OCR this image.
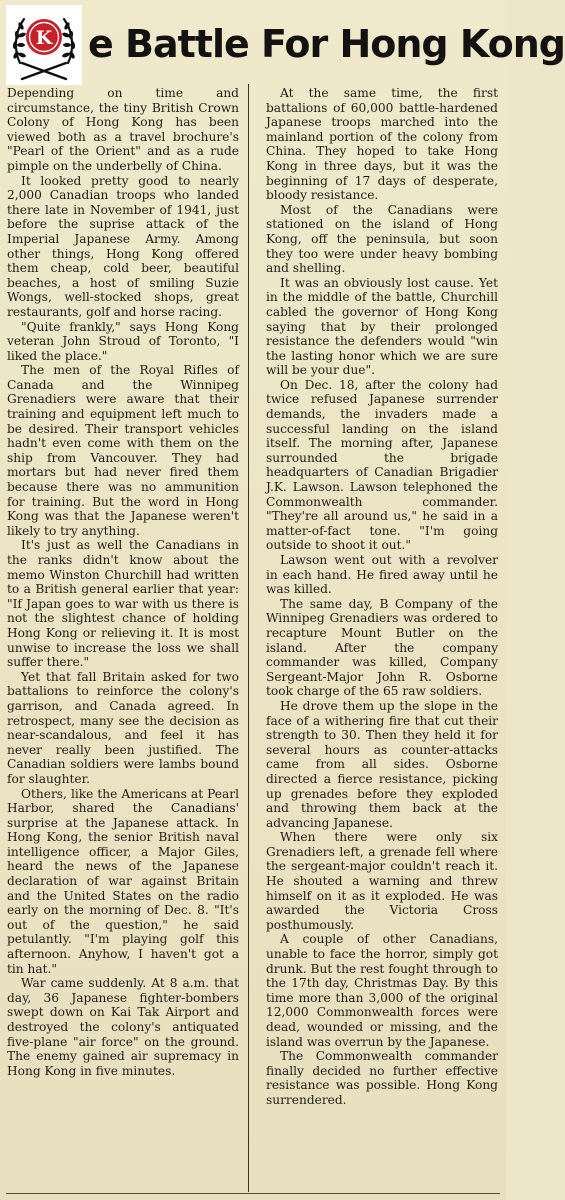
K e Battle For Hong Kong

Depending on time and circumstance, the tiny British Crown Colony of Hong Kong has been viewed both as a travel brochure's "Pearl of the Orient" and as a rude pimple on the underbelly of China.

It looked pretty good to nearly 2,000 Canadian troops who landed there late in November of 1941, just before the suprise attack of the Imperial Japanese Army. Among other things, Hong Kong offered them cheap, cold beer, beautiful beaches, a host of smiling Suzie Wongs, well-stocked shops, great restaurants, golf and horse racing.

"Quite frankly," says Hong Kong veteran John Stroud of Toronto, "I liked the place."

The men of the Royal Rifles of Canada and the Winnipeg Grenadiers were aware that their training and equipment left much to be desired. Their transport vehicles hadn't even come with them on the ship from Vancouver. They had mortars but had never fired them because there was no ammunition for training. But the word in Hong Kong was that the Japanese weren't likely to try anything.

It's just as well the Canadians in the ranks didn't know about the memo Winston Churchill had written to a British general earlier that year: "If Japan goes to war with us there is not the slightest chance of holding Hong Kong or relieving it. It is most unwise to increase the loss we shall suffer there."

Yet that fall Britain asked for two battalions to reinforce the colony's garrison, and Canada agreed. In retrospect, many see the decision as near-scandalous, and feel it has never really been justified. The Canadian soldiers were lambs bound for slaughter.

Others, like the Americans at Pearl Harbor, shared the Canadians' surprise at the Japanese attack. In Hong Kong, the senior British naval intelligence officer, a Major Giles, heard the news of the Japanese declaration of war against Britain and the United States on the radio early on the morning of Dec. 8. "It's out of the question," he said petulantly. "I'm playing golf this afternoon. Anyhow, I haven't got a tin hat."

War came suddenly. At 8 a.m. that day, 36 Japanese fighter-bombers swept down on Kai Tak Airport and destroyed the colony's antiquated five-plane "air force" on the ground. The enemy gained air supremacy in Hong Kong in five minutes.

At the same time, the first battalions of 60,000 battle-hardened Japanese troops marched into the mainland portion of the colony from China. They hoped to take Hong Kong in three days, but it was the beginning of 17 days of desperate, bloody resistance.

Most of the Canadians were stationed on the island of Hong Kong, off the peninsula, but soon they too were under heavy bombing and shelling.

It was an obviously lost cause. Yet in the middle of the battle, Churchill cabled the governor of Hong Kong saying that by their prolonged resistance the defenders would "win the lasting honor which we are sure will be your due".

On Dec. 18, after the colony had twice refused Japanese surrender demands, the invaders made a successful landing on the island itself. The morning after, Japanese surrounded the brigade headquarters of Canadian Brigadier J.K. Lawson. Lawson telephoned the Commonwealth commander. "They're all around us," he said in a matter-of-fact tone. "I'm going outside to shoot it out."

Lawson went out with a revolver in each hand. He fired away until he was killed.

The same day, B Company of the Winnipeg Grenadiers was ordered to recapture Mount Butler on the island. After the company commander was killed, Company Sergeant-Major John R. Osborne took charge of the 65 raw soldiers.

He drove them up the slope in the face of a withering fire that cut their strength to 30. Then they held it for several hours as counter-attacks came from all sides. Osborne directed a fierce resistance, picking up grenades before they exploded and throwing them back at the advancing Japanese.

When there were only six Grenadiers left, a grenade fell where the sergeant-major couldn't reach it. He shouted a warning and threw himself on it as it exploded. He was awarded the Victoria Cross posthumously.

A couple of other Canadians, unable to face the horror, simply got drunk. But the rest fought through to the 17th day, Christmas Day. By this time more than 3,000 of the original 12,000 Commonwealth forces were dead, wounded or missing, and the island was overrun by the Japanese.

The Commonwealth commander finally decided no further effective resistance was possible. Hong Kong surrendered.
